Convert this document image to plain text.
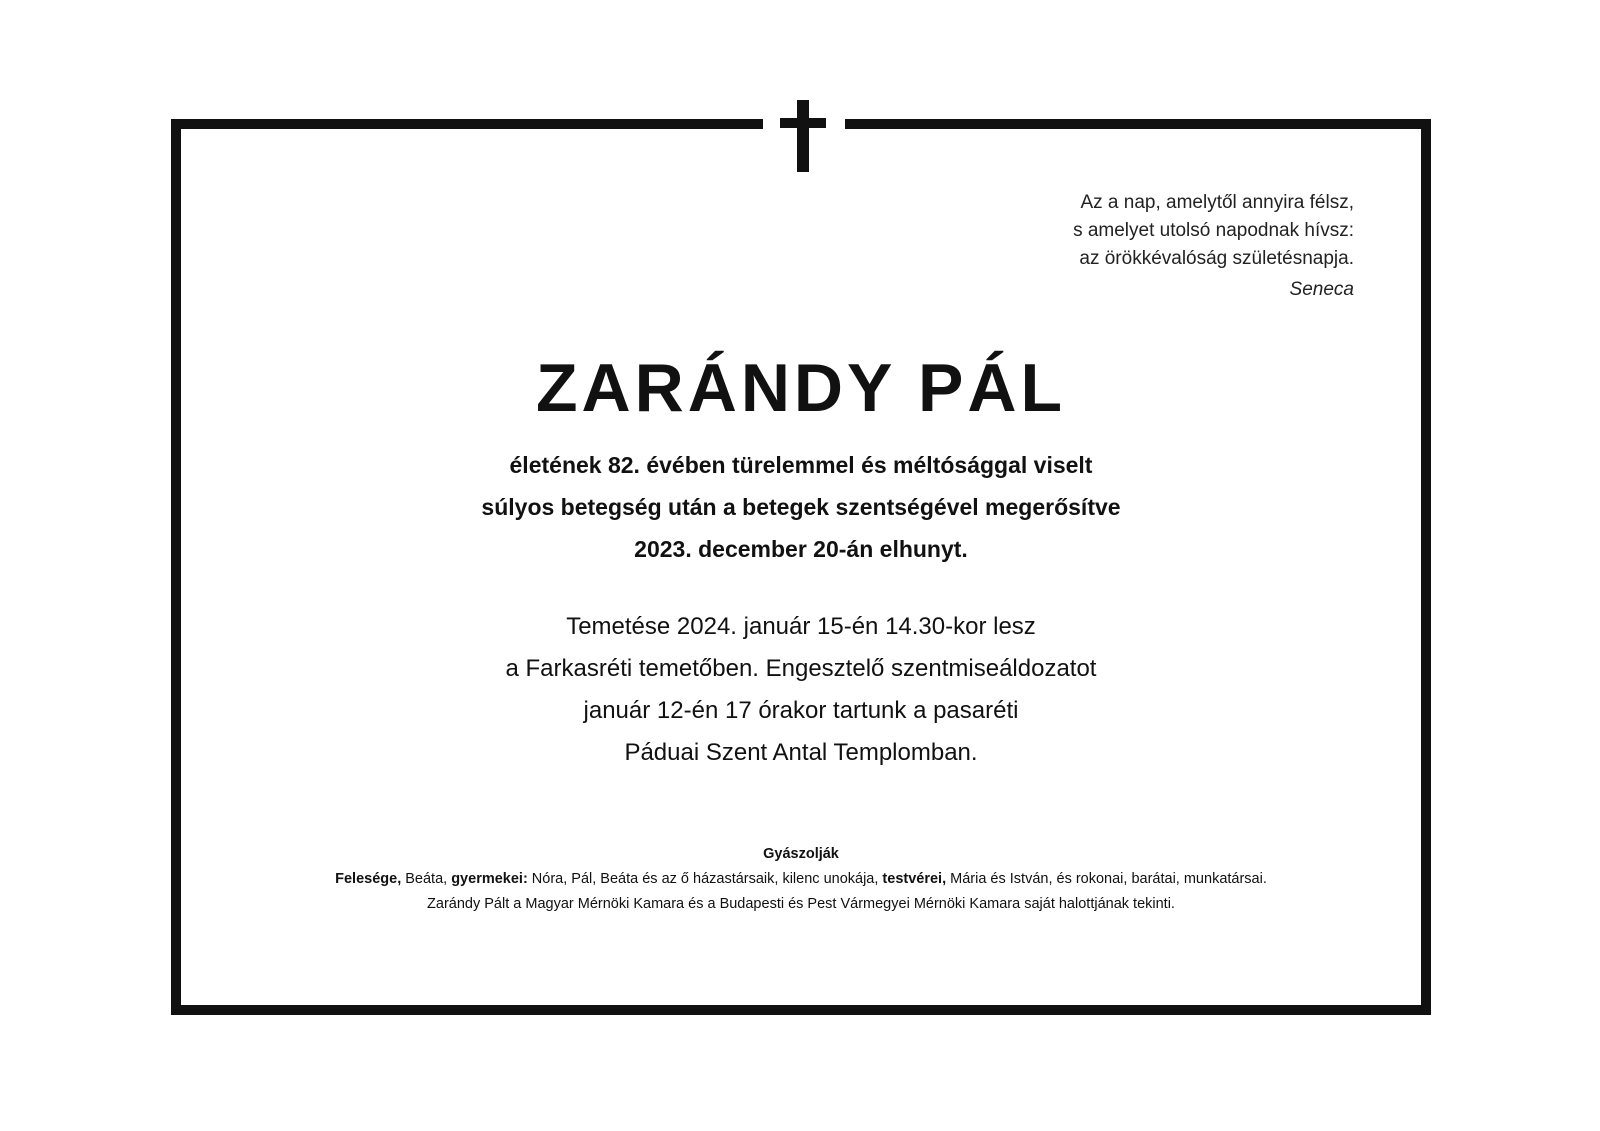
Az a nap, amelytől annyira félsz,
s amelyet utolsó napodnak hívsz:
az örökkévalóság születésnapja.
Seneca
ZARÁNDY PÁL
életének 82. évében türelemmel és méltósággal viselt
súlyos betegség után a betegek szentségével megerősítve
2023. december 20-án elhunyt.
Temetése 2024. január 15-én 14.30-kor lesz
a Farkasréti temetőben. Engesztelő szentmiseáldozatot
január 12-én 17 órakor tartunk a pasaréti
Páduai Szent Antal Templomban.
Gyászolják
Felesége, Beáta, gyermekei: Nóra, Pál, Beáta és az ő házastársaik, kilenc unokája, testvérei, Mária és István, és rokonai, barátai, munkatársai.
Zarándy Pált a Magyar Mérnöki Kamara és a Budapesti és Pest Vármegyei Mérnöki Kamara saját halottjának tekinti.
